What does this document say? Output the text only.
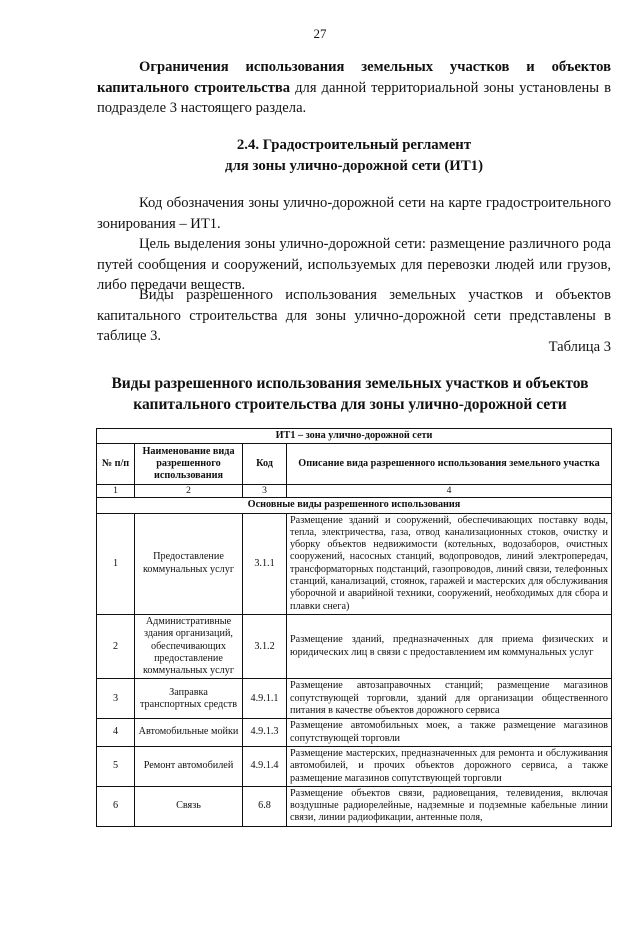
27
Ограничения использования земельных участков и объектов капитального строительства для данной территориальной зоны установлены в подразделе 3 настоящего раздела.
2.4. Градостроительный регламент
для зоны улично-дорожной сети (ИТ1)
Код обозначения зоны улично-дорожной сети на карте градостроительного зонирования – ИТ1.
Цель выделения зоны улично-дорожной сети: размещение различного рода путей сообщения и сооружений, используемых для перевозки людей или грузов, либо передачи веществ.
Виды разрешенного использования земельных участков и объектов капитального строительства для зоны улично-дорожной сети представлены в таблице 3.
Таблица 3
Виды разрешенного использования земельных участков и объектов капитального строительства для зоны улично-дорожной сети
ИТ1 – зона улично-дорожной сети			
№ п/п	Наименование вида разрешенного использования	Код	Описание вида разрешенного использования земельного участка
1	2	3	4
Основные виды разрешенного использования			
1	Предоставление коммунальных услуг	3.1.1	Размещение зданий и сооружений, обеспечивающих поставку воды, тепла, электричества, газа, отвод канализационных стоков, очистку и уборку объектов недвижимости (котельных, водозаборов, очистных сооружений, насосных станций, водопроводов, линий электропередач, трансформаторных подстанций, газопроводов, линий связи, телефонных станций, канализаций, стоянок, гаражей и мастерских для обслуживания уборочной и аварийной техники, сооружений, необходимых для сбора и плавки снега)
2	Административные здания организаций, обеспечивающих предоставление коммунальных услуг	3.1.2	Размещение зданий, предназначенных для приема физических и юридических лиц в связи с предоставлением им коммунальных услуг
3	Заправка транспортных средств	4.9.1.1	Размещение автозаправочных станций; размещение магазинов сопутствующей торговли, зданий для организации общественного питания в качестве объектов дорожного сервиса
4	Автомобильные мойки	4.9.1.3	Размещение автомобильных моек, а также размещение магазинов сопутствующей торговли
5	Ремонт автомобилей	4.9.1.4	Размещение мастерских, предназначенных для ремонта и обслуживания автомобилей, и прочих объектов дорожного сервиса, а также размещение магазинов сопутствующей торговли
6	Связь	6.8	Размещение объектов связи, радиовещания, телевидения, включая воздушные радиорелейные, надземные и подземные кабельные линии связи, линии радиофикации, антенные поля,
